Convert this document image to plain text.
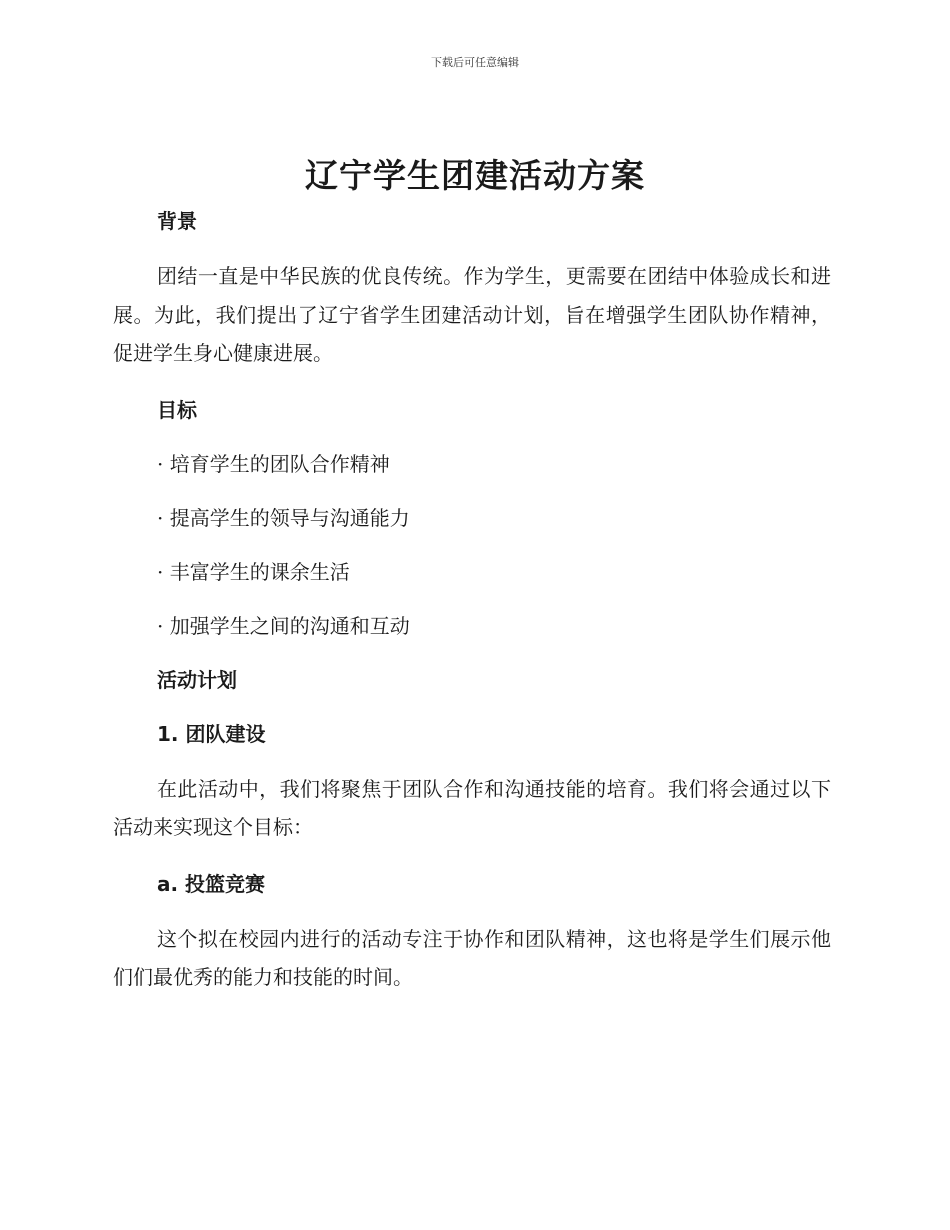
下载后可任意编辑
辽宁学生团建活动方案
背景

团结一直是中华民族的优良传统。作为学生，更需要在团结中体验成长和进展。为此，我们提出了辽宁省学生团建活动计划，旨在增强学生团队协作精神，促进学生身心健康进展。

目标
· 培育学生的团队合作精神
· 提高学生的领导与沟通能力
· 丰富学生的课余生活
· 加强学生之间的沟通和互动
活动计划
1. 团队建设

在此活动中，我们将聚焦于团队合作和沟通技能的培育。我们将会通过以下活动来实现这个目标：

a. 投篮竞赛

这个拟在校园内进行的活动专注于协作和团队精神，这也将是学生们展示他们们最优秀的能力和技能的时间。
